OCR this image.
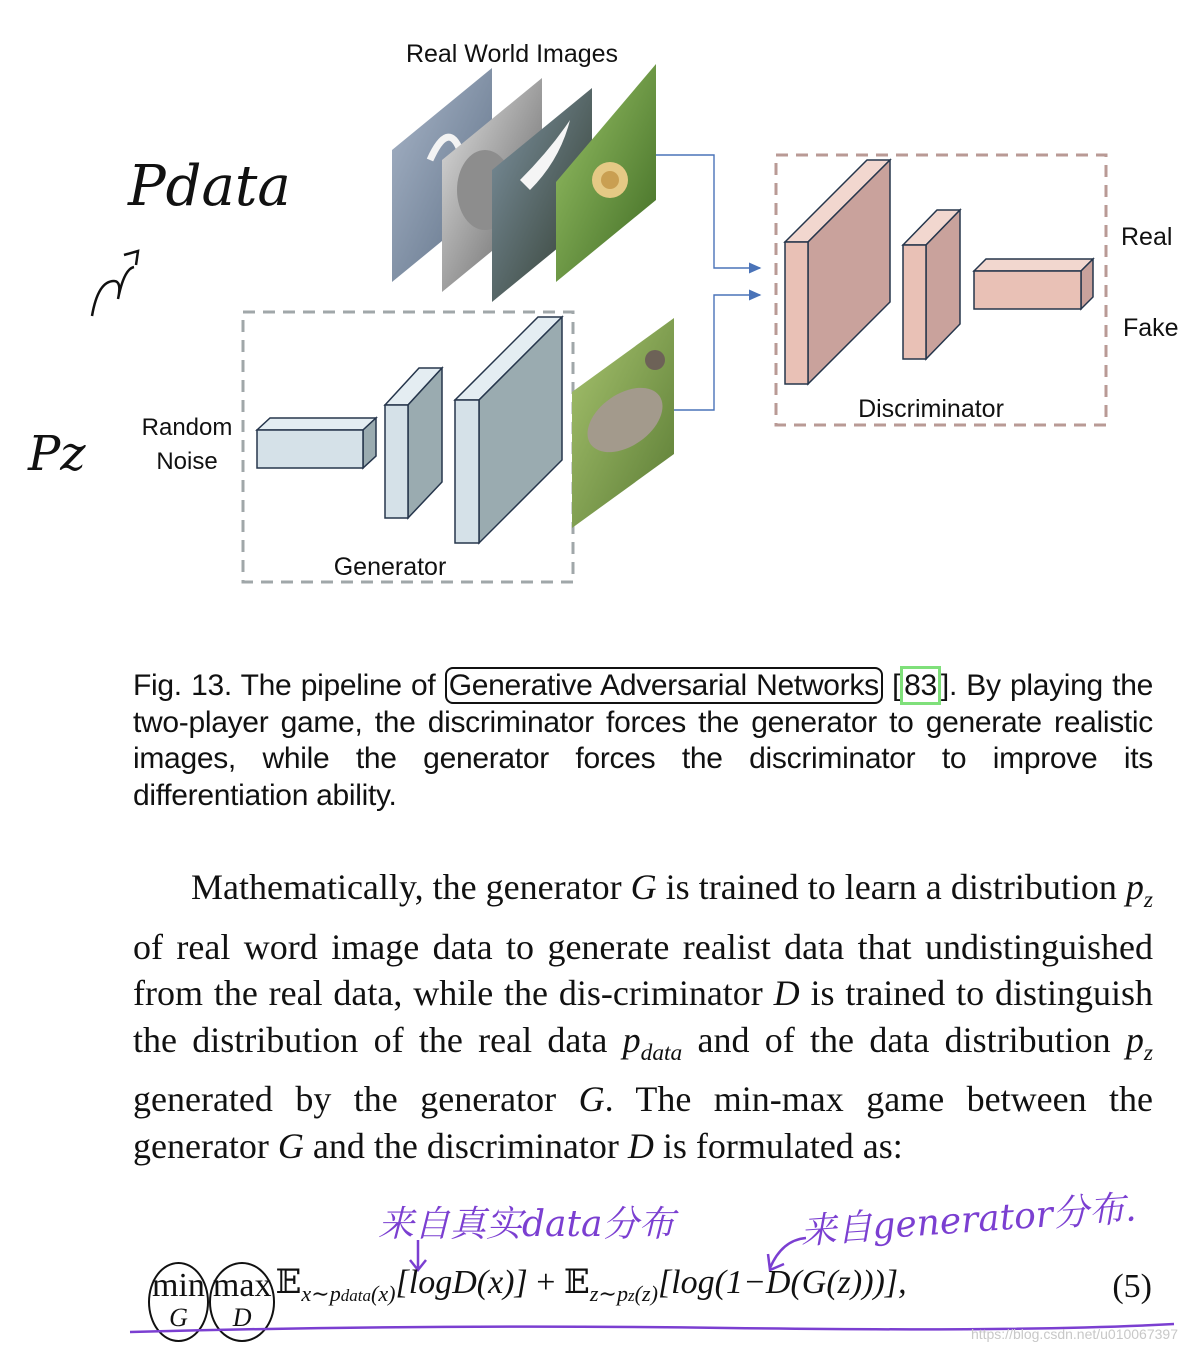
Real World Images
Generator
Random
Noise
Discriminator
Real
Fake
Pdata
Pz
Fig. 13. The pipeline of Generative Adversarial Networks [ 83 ]. By playing the two-player game, the discriminator forces the generator to generate realistic images, while the generator forces the discriminator to improve its differentiation ability.

Mathematically, the generator G is trained to learn a distribution $p_z$ of real word image data to generate realist data that undistinguished from the real data, while the dis-criminator D is trained to distinguish the distribution of the real data $p_{data}$ and of the data distribution $p_z$ generated by the generator G. The min-max game between the generator G and the discriminator D is formulated as:

来自真实data分布	来自generator分布.
min
G
max
D
𝔼$_{x\sim pdata(x)}$[logD(x)] + 𝔼$_{z\sim pz(z)}$[log(1−D(G(z)))],	(5)
https://blog.csdn.net/u010067397
